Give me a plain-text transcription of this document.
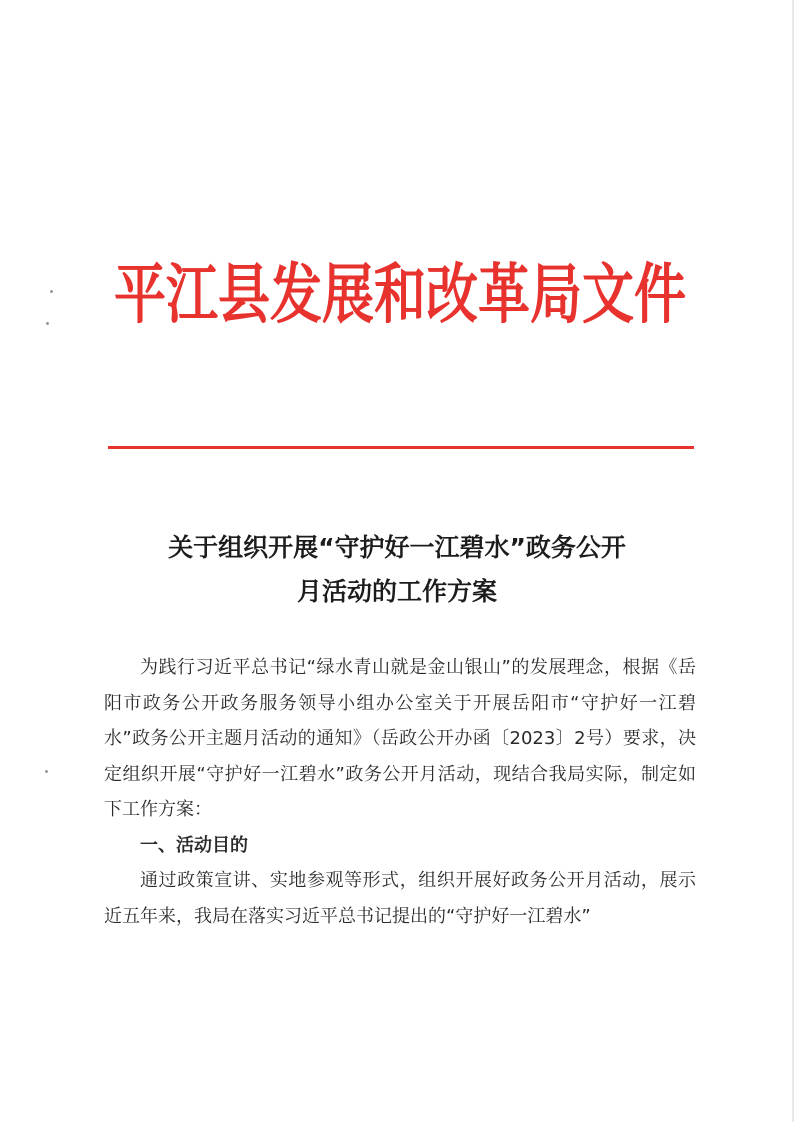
平江县发展和改革局文件
关于组织开展“守护好一江碧水”政务公开
月活动的工作方案

为践行习近平总书记“绿水青山就是金山银山”的发展理念，根据《岳阳市政务公开政务服务领导小组办公室关于开展岳阳市“守护好一江碧水”政务公开主题月活动的通知》（岳政公开办函〔2023〕2号）要求，决定组织开展“守护好一江碧水”政务公开月活动，现结合我局实际，制定如下工作方案：

一、活动目的

通过政策宣讲、实地参观等形式，组织开展好政务公开月活动，展示近五年来，我局在落实习近平总书记提出的“守护好一江碧水”
